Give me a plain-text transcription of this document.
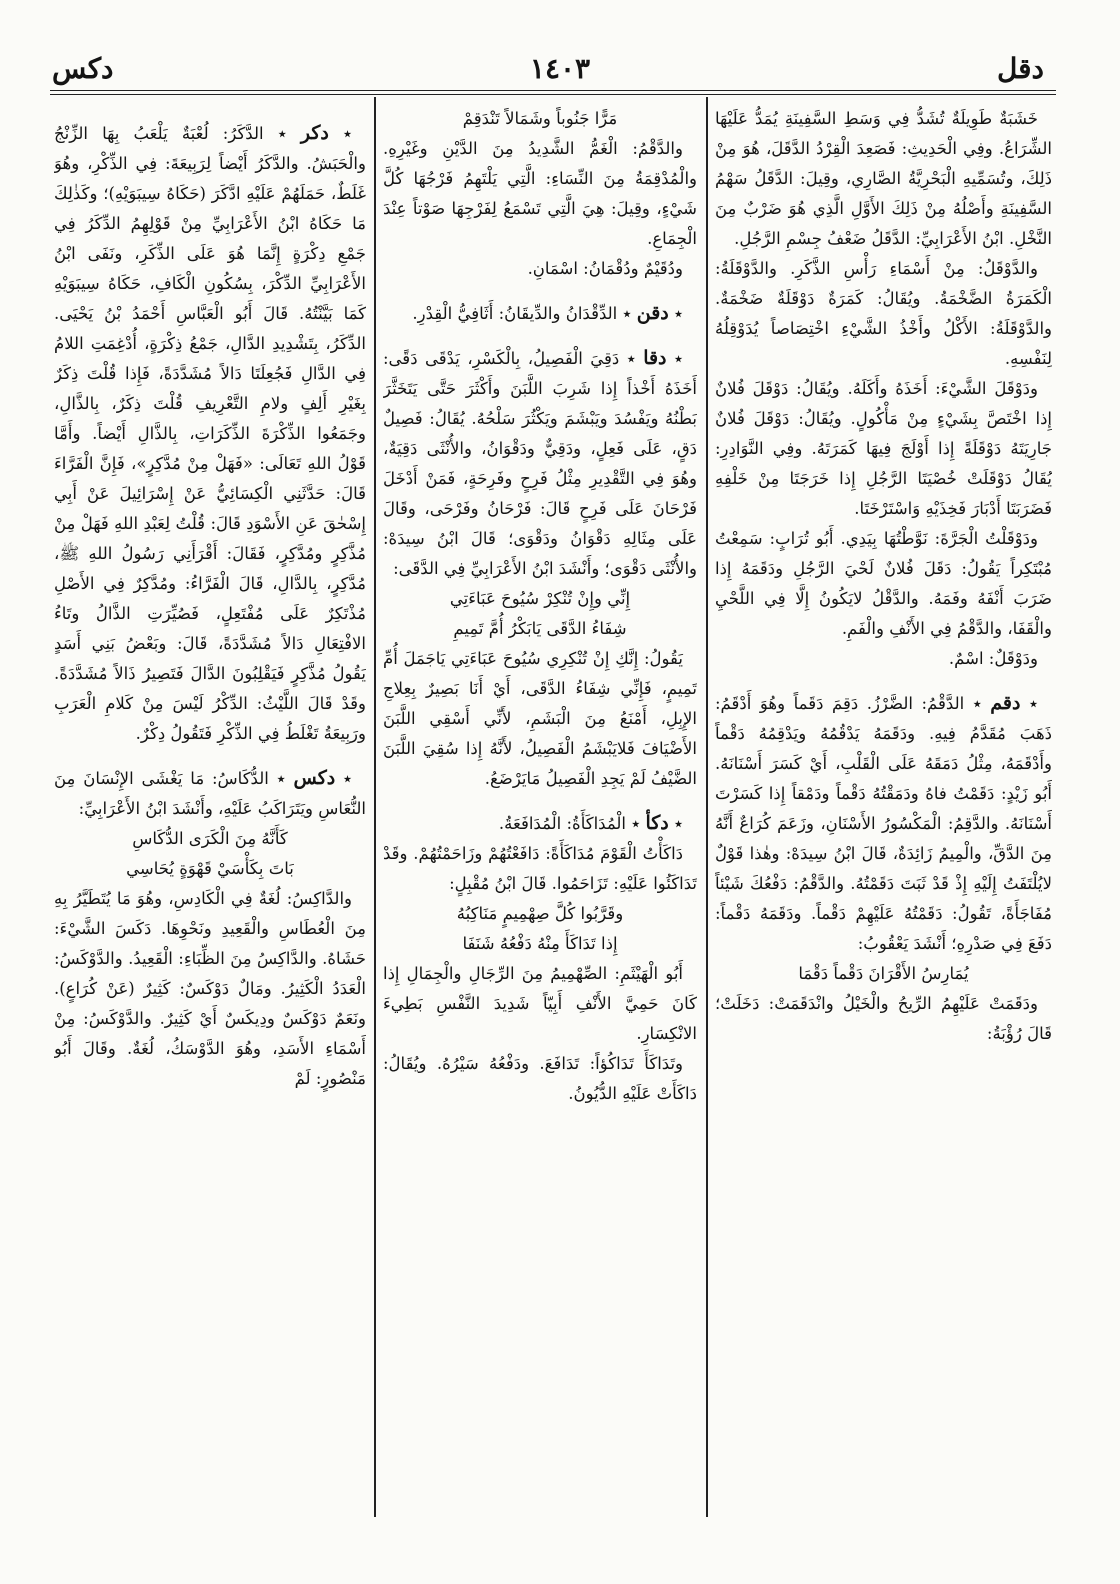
دقل
١٤٠٣
دكس

خَشَبَةٌ طَوِيلَةٌ تُشَدُّ فِي وَسَطِ السَّفِينَةِ يُمَدُّ عَلَيْهَا الشِّرَاعُ. وفِي الْحَدِيثِ: فَصَعِدَ الْقِرْدُ الدَّقَلَ، هُوَ مِنْ ذَلِكَ، وتُسَمِّيهِ الْبَحْرِيَّةُ الصَّارِي، وقِيلَ: الدَّقَلُ سَهْمُ السَّفِينَةِ وأَصْلُهُ مِنْ ذَلِكَ الأَوَّلِ الَّذِي هُوَ ضَرْبٌ مِنَ النَّخْلِ. ابْنُ الأَعْرَابِيِّ: الدَّقَلُ ضَعْفُ جِسْمِ الرَّجُلِ.

والدَّوْقَلُ: مِنْ أَسْمَاءِ رَأْسِ الذَّكَرِ. والدَّوْقَلَةُ: الْكَمَرَةُ الضَّخْمَةُ. ويُقَالُ: كَمَرَةٌ دَوْقَلَةٌ ضَخْمَةٌ. والدَّوْقَلَةُ: الأَكْلُ وأَخْذُ الشَّيْءِ اخْتِصَاصاً يُدَوْقِلُهُ لِنَفْسِهِ.

ودَوْقَلَ الشَّيْءَ: أَخَذَهُ وأَكَلَهُ. ويُقَالُ: دَوْقَلَ فُلانٌ إِذا اخْتَصَّ بِشَيْءٍ مِنْ مَأْكُولٍ. ويُقَالُ: دَوْقَلَ فُلانٌ جَارِيَتَهُ دَوْقَلَةً إِذا أَوْلَجَ فِيهَا كَمَرَتَهُ. وفِي النَّوَادِرِ: يُقَالُ دَوْقَلَتْ خُصْيَتَا الرَّجُلِ إِذا خَرَجَتَا مِنْ خَلْفِهِ فَضَرَبَتَا أَدْبَارَ فَخِذَيْهِ وَاسْتَرْخَتَا.

ودَوْقَلْتُ الْجَرَّةَ: نَوَّطْتُهَا بِيَدِي. أَبُو تُرَابٍ: سَمِعْتُ مُبْتَكِراً يَقُولُ: دَقَلَ فُلانٌ لَحْيَ الرَّجُلِ ودَقَمَهُ إِذا ضَرَبَ أَنْفَهُ وفَمَهُ. والدَّقْلُ لايَكُونُ إِلَّا فِي اللَّحْيِ والْقَفَا، والدَّقْمُ فِي الأَنْفِ والْفَمِ.

ودَوْقَلٌ: اسْمٌ.

٭ دقم ٭ الدَّقْمُ: الضَّرْزُ. دَقِمَ دَقَماً وهُوَ أَدْقَمُ: ذَهَبَ مُقَدَّمُ فِيهِ. ودَقَمَهُ يَدْقُمُهُ ويَدْقِمُهُ دَقْماً وأَدْقَمَهُ، مِثْلُ دَمَقَهُ عَلَى الْقَلْبِ، أَيْ كَسَرَ أَسْنَانَهُ. أَبُو زَيْدٍ: دَقَمْتُ فاهُ ودَمَقْتُهُ دَقْماً ودَمْقاً إِذا كَسَرْتَ أَسْنَانَهُ. والدَّقِمُ: الْمَكْسُورُ الأَسْنَانِ، وزَعَمَ كُرَاعٌ أَنَّهُ مِنَ الدَّقِّ، والْمِيمُ زَائِدَةٌ، قَالَ ابْنُ سِيدَهْ: وهٰذا قَوْلٌ لايُلْتَفَتُ إِلَيْهِ إِذْ قَدْ ثَبَتَ دَقَمْتُهُ. والدَّقْمُ: دَفْعُكَ شَيْئاً مُفَاجَأَةً، تَقُولُ: دَقَمْتُهُ عَلَيْهِمْ دَقْماً. ودَقَمَهُ دَقْماً: دَفَعَ فِي صَدْرِهِ؛ أَنْشَدَ يَعْقُوبُ:

يُمَارِسُ الأَقْرَانَ دَقْماً دَقْمَا

ودَقَمَتْ عَلَيْهِمُ الرِّيحُ والْخَيْلُ وانْدَقَمَتْ: دَخَلَتْ؛ قَالَ رُؤْبَةُ:

مَرًّا جَنُوباً وشَمَالاً تَنْدَقِمْ

والدَّقْمُ: الْغَمُّ الشَّدِيدُ مِنَ الدَّيْنِ وغَيْرِهِ. والْمُدْقِمَةُ مِنَ النِّسَاءِ: الَّتِي يَلْتَهِمُ فَرْجُهَا كُلَّ شَيْءٍ، وقِيلَ: هِيَ الَّتِي تَسْمَعُ لِفَرْجِهَا صَوْتاً عِنْدَ الْجِمَاعِ.

ودُقَيْمٌ ودُقْمَانُ: اسْمَانِ.

٭ دقن ٭ الدِّقْدَانُ والدِّيقَانُ: أَثَافِيُّ الْقِدْرِ.

٭ دقا ٭ دَقِيَ الْفَصِيلُ، بِالْكَسْرِ، يَدْقَى دَقًى: أَخَذَهُ أَخْذاً إِذا شَرِبَ اللَّبَنَ وأَكْثَرَ حَتَّى يَتَخَثَّرَ بَطْنُهُ ويَفْسُدَ ويَبْشَمَ ويَكْثُرَ سَلْحُهُ. يُقَالُ: فَصِيلٌ دَقٍ، عَلَى فَعِلٍ، ودَقِيٌّ ودَقْوَانُ، والأُنْثَى دَقِيَةٌ، وهُوَ فِي التَّقْدِيرِ مِثْلُ فَرِحٍ وفَرِحَةٍ، فَمَنْ أَدْخَلَ فَرْحَانَ عَلَى فَرِحٍ قَالَ: فَرْحَانُ وفَرْحَى، وقَالَ عَلَى مِثَالِهِ دَقْوَانُ ودَقْوَى؛ قَالَ ابْنُ سِيدَهْ: والأُنْثَى دَقْوَى؛ وأَنْشَدَ ابْنُ الأَعْرَابِيِّ فِي الدَّقَى:

إِنِّي وإِنْ تُنْكِرْ سُيُوحَ عَبَاءَتِي

شِفَاءُ الدَّقَى يَابَكْرُ أُمَّ تَمِيمِ

يَقُولُ: إِنَّكِ إِنْ تُنْكِرِي سُيُوحَ عَبَاءَتِي يَاجَمَلَ أُمِّ تَمِيمٍ، فَإِنِّي شِفَاءُ الدَّقَى، أَيْ أَنَا بَصِيرٌ بِعِلاجِ الإِبِلِ، أَمْنَعُ مِنَ الْبَشَمِ، لأَنِّي أَسْقِي اللَّبَنَ الأَضْيَافَ فَلايَبْشَمُ الْفَصِيلُ، لأَنَّهُ إِذا سُقِيَ اللَّبَنَ الضَّيْفُ لَمْ يَجِدِ الْفَصِيلُ مَايَرْضَعُ.

٭ دكأ ٭ الْمُدَاكَأَةُ: الْمُدَافَعَةُ.

دَاكَأْتُ الْقَوْمَ مُدَاكَأَةً: دَافَعْتُهُمْ وزَاحَمْتُهُمْ. وقَدْ تَدَاكَئُوا عَلَيْهِ: تَزَاحَمُوا. قَالَ ابْنُ مُقْبِلٍ:

وقَرَّبُوا كُلَّ صِهْمِيمٍ مَنَاكِبُهُ

إِذا تَدَاكَأَ مِنْهُ دَفْعُهُ شَنَفَا

أَبُو الْهَيْثَمِ: الصِّهْمِيمُ مِنَ الرِّجَالِ والْجِمَالِ إِذا كَانَ حَمِيَّ الأَنْفِ أَبِيّاً شَدِيدَ النَّفْسِ بَطِيءَ الانْكِسَارِ.

وتَدَاكَأَ تَدَاكُؤاً: تَدَافَعَ. ودَفْعُهُ سَيْرُهُ. ويُقَالُ: دَاكَأَتْ عَلَيْهِ الدُّيُونُ.

٭ دكر ٭ الدَّكَرُ: لُعْبَةٌ يَلْعَبُ بِهَا الزِّنْجُ والْحَبَشُ. والدَّكَرُ أَيْضاً لِرَبِيعَةَ: فِي الذِّكْرِ، وهُوَ غَلَطٌ، حَمَلَهُمْ عَلَيْهِ ادَّكَرَ (حَكَاهُ سِيبَوَيْهِ)؛ وكَذٰلِكَ مَا حَكَاهُ ابْنُ الأَعْرَابِيِّ مِنْ قَوْلِهِمُ الدِّكَرُ فِي جَمْعِ دِكْرَةٍ إِنَّمَا هُوَ عَلَى الذِّكَرِ، ونَفَى ابْنُ الأَعْرَابِيِّ الدِّكْرَ، بِسُكُونِ الْكَافِ، حَكَاهُ سِيبَوَيْهِ كَمَا بَيَّنْتُهُ. قَالَ أَبُو الْعَبَّاسِ أَحْمَدُ بْنُ يَحْيَى. الدِّكَرُ، بِتَشْدِيدِ الدَّالِ، جَمْعُ ذِكْرَةٍ، أُدْغِمَتِ اللامُ فِي الدَّالِ فَجُعِلَتَا دَالاً مُشَدَّدَةً، فَإِذا قُلْتَ ذِكَرٌ بِغَيْرِ أَلِفٍ ولامِ التَّعْرِيفِ قُلْتَ ذِكَرٌ، بِالذَّالِ، وجَمَعُوا الذِّكْرَةَ الذِّكَرَاتِ، بِالذَّالِ أَيْضاً. وأَمَّا قَوْلُ اللهِ تَعَالَى: «فَهَلْ مِنْ مُدَّكِرٍ»، فَإِنَّ الْفَرَّاءَ قَالَ: حَدَّثَنِي الْكِسَائِيُّ عَنْ إِسْرَائِيلَ عَنْ أَبِي إِسْحٰقَ عَنِ الأَسْوَدِ قَالَ: قُلْتُ لِعَبْدِ اللهِ فَهَلْ مِنْ مُذَّكِرٍ ومُدَّكِرٍ، فَقَالَ: أَقْرَأَنِي رَسُولُ اللهِ ﷺ، مُدَّكِرٍ، بِالدَّالِ، قَالَ الْفَرَّاءُ: ومُدَّكِرٌ فِي الأَصْلِ مُذْتَكِرٌ عَلَى مُفْتَعِلٍ، فَصُيِّرَتِ الذَّالُ وتَاءُ الافْتِعَالِ دَالاً مُشَدَّدَةً، قَالَ: وبَعْضُ بَنِي أَسَدٍ يَقُولُ مُذَّكِرٍ فَيَقْلِبُونَ الدَّالَ فَتَصِيرُ ذَالاً مُشَدَّدَةً. وقَدْ قَالَ اللَّيْثُ: الدِّكْرُ لَيْسَ مِنْ كَلامِ الْعَرَبِ ورَبِيعَةُ تَغْلَطُ فِي الذِّكْرِ فَتَقُولُ دِكْرٌ.

٭ دكس ٭ الدُّكَاسُ: مَا يَغْشَى الإِنْسَانَ مِنَ النُّعَاسِ ويَتَرَاكَبُ عَلَيْهِ، وأَنْشَدَ ابْنُ الأَعْرَابِيِّ:

كَأَنَّهُ مِنَ الْكَرَى الدُّكَاسِ

بَاتَ بِكَأْسَيْ قَهْوَةٍ يُحَاسِي

والدَّاكِسُ: لُغَةٌ فِي الْكَادِسِ، وهُوَ مَا يُتَطَيَّرُ بِهِ مِنَ الْعُطَاسِ والْقَعِيدِ ونَحْوِهَا. دَكَسَ الشَّيْءَ: حَشَاهُ. والدَّاكِسُ مِنَ الظِّبَاءِ: الْقَعِيدُ. والدَّوْكَسُ: الْعَدَدُ الْكَثِيرُ. ومَالٌ دَوْكَسٌ: كَثِيرٌ (عَنْ كُرَاعٍ). ونَعَمٌ دَوْكَسٌ ودِيكَسٌ أَيْ كَثِيرٌ. والدَّوْكَسُ: مِنْ أَسْمَاءِ الأَسَدِ، وهُوَ الدَّوْسَكُ، لُغَةٌ. وقَالَ أَبُو مَنْصُورٍ: لَمْ
